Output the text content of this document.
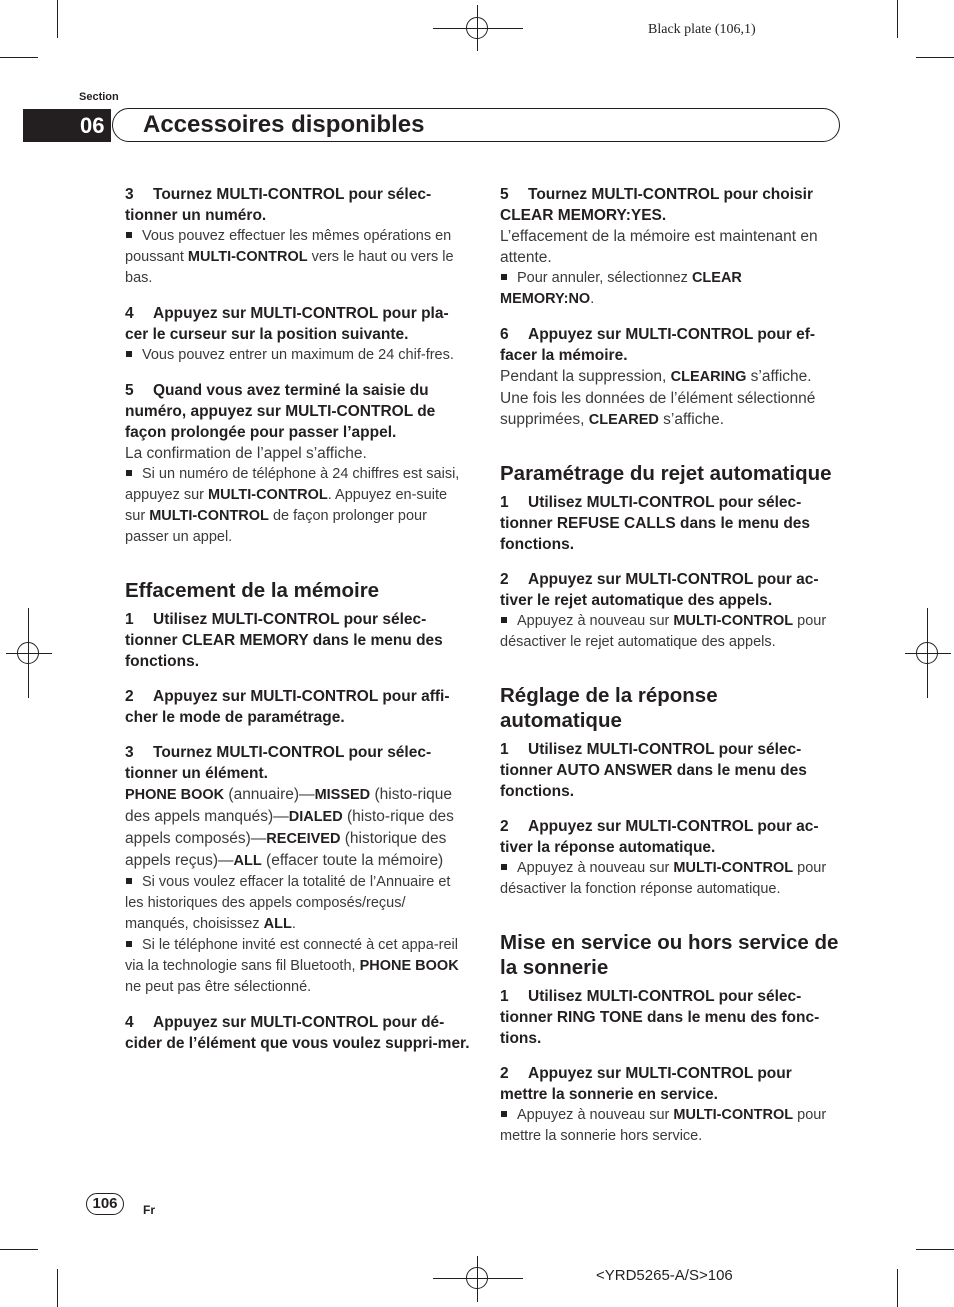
Black plate (106,1)
Section
06 Accessoires disponibles

3 Tournez MULTI-CONTROL pour sélec-tionner un numéro.

Vous pouvez effectuer les mêmes opérations en poussant MULTI-CONTROL vers le haut ou vers le bas.

4 Appuyez sur MULTI-CONTROL pour pla-cer le curseur sur la position suivante.

Vous pouvez entrer un maximum de 24 chif-fres.

5 Quand vous avez terminé la saisie du numéro, appuyez sur MULTI-CONTROL de façon prolongée pour passer l’appel.

La confirmation de l’appel s’affiche.

Si un numéro de téléphone à 24 chiffres est saisi, appuyez sur MULTI-CONTROL. Appuyez en-suite sur MULTI-CONTROL de façon prolonger pour passer un appel.

Effacement de la mémoire

1 Utilisez MULTI-CONTROL pour sélec-tionner CLEAR MEMORY dans le menu des fonctions.

2 Appuyez sur MULTI-CONTROL pour affi-cher le mode de paramétrage.

3 Tournez MULTI-CONTROL pour sélec-tionner un élément.

PHONE BOOK (annuaire)—MISSED (histo-rique des appels manqués)—DIALED (histo-rique des appels composés)—RECEIVED (historique des appels reçus)—ALL (effacer toute la mémoire)

Si vous voulez effacer la totalité de l’Annuaire et les historiques des appels composés/reçus/ manqués, choisissez ALL.

Si le téléphone invité est connecté à cet appa-reil via la technologie sans fil Bluetooth, PHONE BOOK ne peut pas être sélectionné.

4 Appuyez sur MULTI-CONTROL pour dé-cider de l’élément que vous voulez suppri-mer.

5 Tournez MULTI-CONTROL pour choisir CLEAR MEMORY:YES.

L’effacement de la mémoire est maintenant en attente.

Pour annuler, sélectionnez CLEAR MEMORY:NO.

6 Appuyez sur MULTI-CONTROL pour ef-facer la mémoire.

Pendant la suppression, CLEARING s’affiche. Une fois les données de l’élément sélectionné supprimées, CLEARED s’affiche.

Paramétrage du rejet automatique

1 Utilisez MULTI-CONTROL pour sélec-tionner REFUSE CALLS dans le menu des fonctions.

2 Appuyez sur MULTI-CONTROL pour ac-tiver le rejet automatique des appels.

Appuyez à nouveau sur MULTI-CONTROL pour désactiver le rejet automatique des appels.

Réglage de la réponse automatique

1 Utilisez MULTI-CONTROL pour sélec-tionner AUTO ANSWER dans le menu des fonctions.

2 Appuyez sur MULTI-CONTROL pour ac-tiver la réponse automatique.

Appuyez à nouveau sur MULTI-CONTROL pour désactiver la fonction réponse automatique.

Mise en service ou hors service de la sonnerie

1 Utilisez MULTI-CONTROL pour sélec-tionner RING TONE dans le menu des fonc-tions.

2 Appuyez sur MULTI-CONTROL pour mettre la sonnerie en service.

Appuyez à nouveau sur MULTI-CONTROL pour mettre la sonnerie hors service.

106	Fr
<YRD5265-A/S>106
